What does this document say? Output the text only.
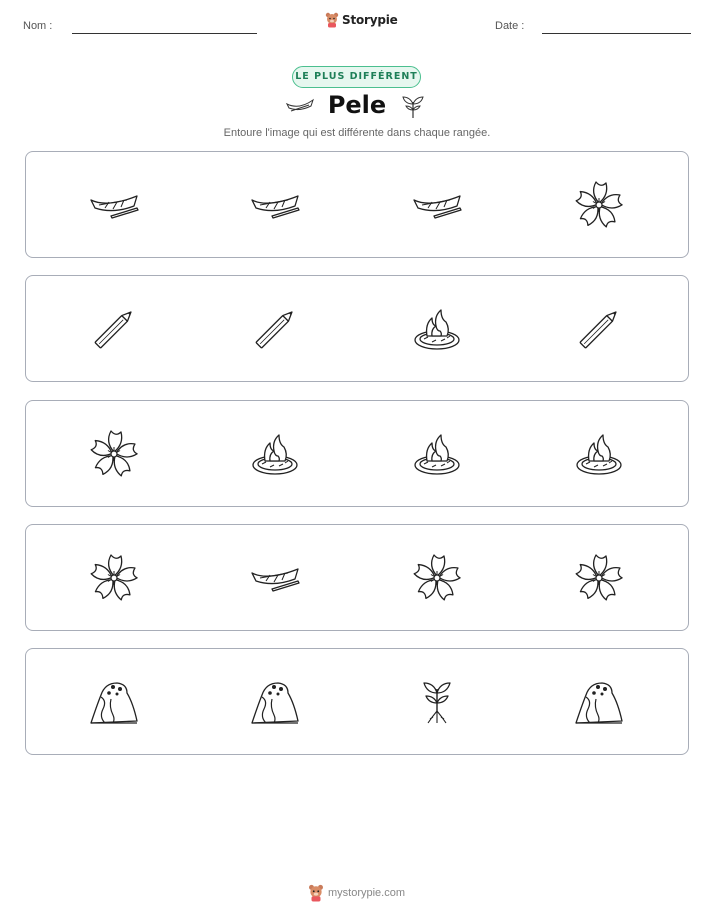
Nom :	Storypie	Date :
LE PLUS DIFFÉRENT
Pele
Entoure l'image qui est différente dans chaque rangée.
mystorypie.com
